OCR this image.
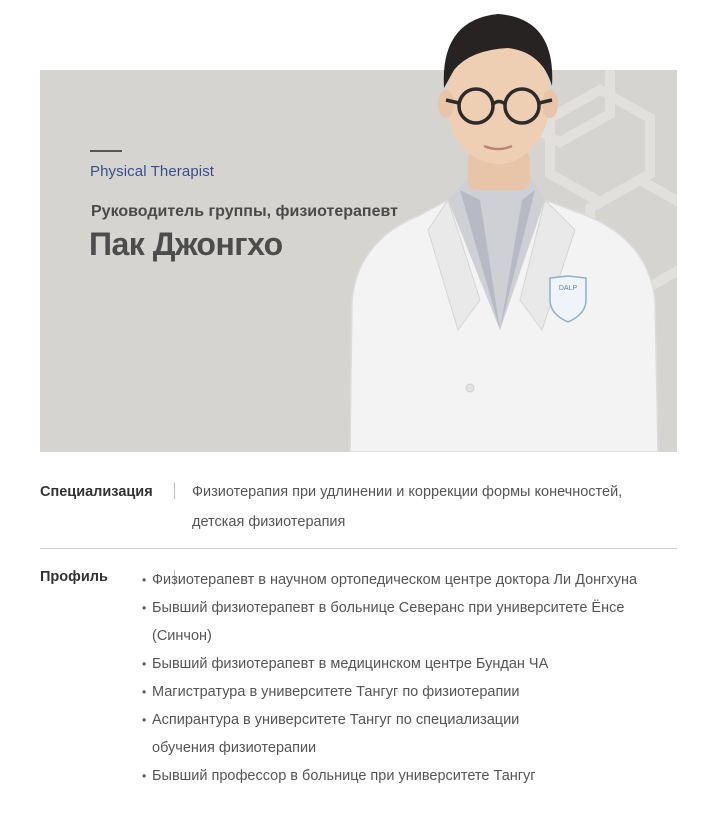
Physical Therapist
Руководитель группы, физиотерапевт
Пак Джонгхо
DALP
Специализация	Физиотерапия при удлинении и коррекции формы конечностей,
детская физиотерапия
Профиль
•	Физиотерапевт в научном ортопедическом центре доктора Ли Донгхуна
• Бывший физиотерапевт в больнице Северанс при университете Ёнсе
(Синчон)
• Бывший физиотерапевт в медицинском центре Бундан ЧА
• Магистратура в университете Тангуг по физиотерапии
• Аспирантура в университете Тангуг по специализации
обучения физиотерапии
• Бывший профессор в больнице при университете Тангуг
